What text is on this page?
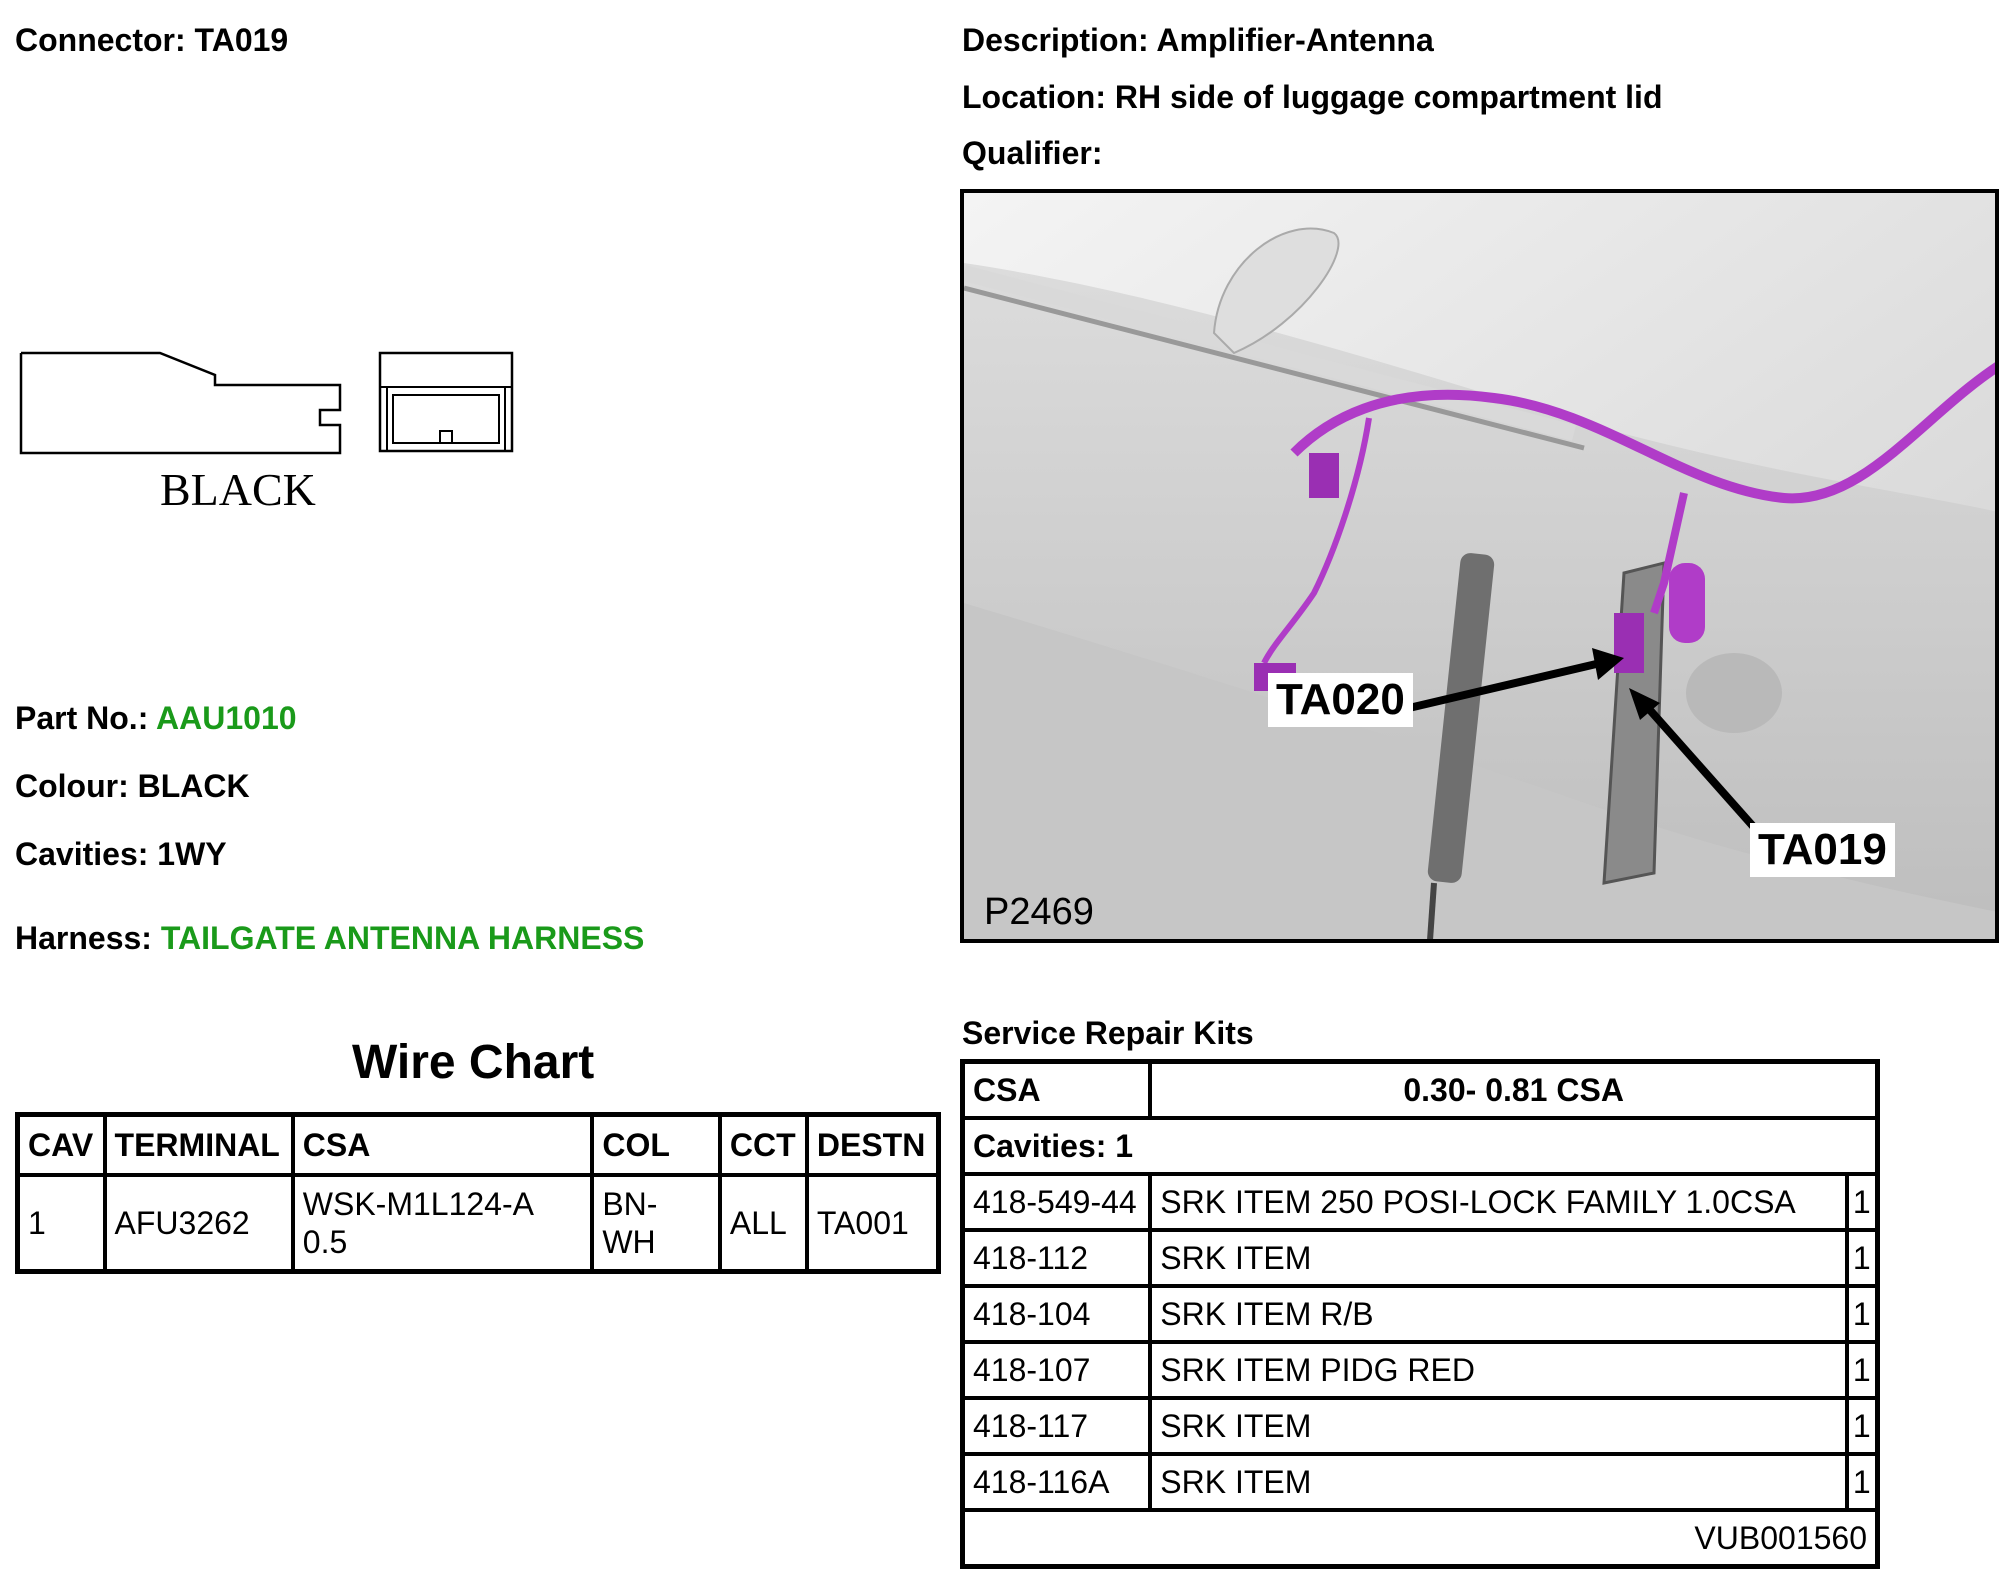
Connector: TA019	Description: Amplifier-Antenna
Location: RH side of luggage compartment lid
Qualifier:
BLACK
Part No.: AAU1010
Colour: BLACK
Cavities: 1WY
Harness: TAILGATE ANTENNA HARNESS
TA020
TA019
P2469
Wire Chart
CAV	TERMINAL	CSA	COL	CCT	DESTN
1	AFU3262	WSK-M1L124-A 0.5	BN-WH	ALL	TA001
Service Repair Kits
CSA	0.30- 0.81 CSA	
Cavities: 1		
418-549-44	SRK ITEM 250 POSI-LOCK FAMILY 1.0CSA	1
418-112	SRK ITEM	1
418-104	SRK ITEM R/B	1
418-107	SRK ITEM PIDG RED	1
418-117	SRK ITEM	1
418-116A	SRK ITEM	1
VUB001560		
